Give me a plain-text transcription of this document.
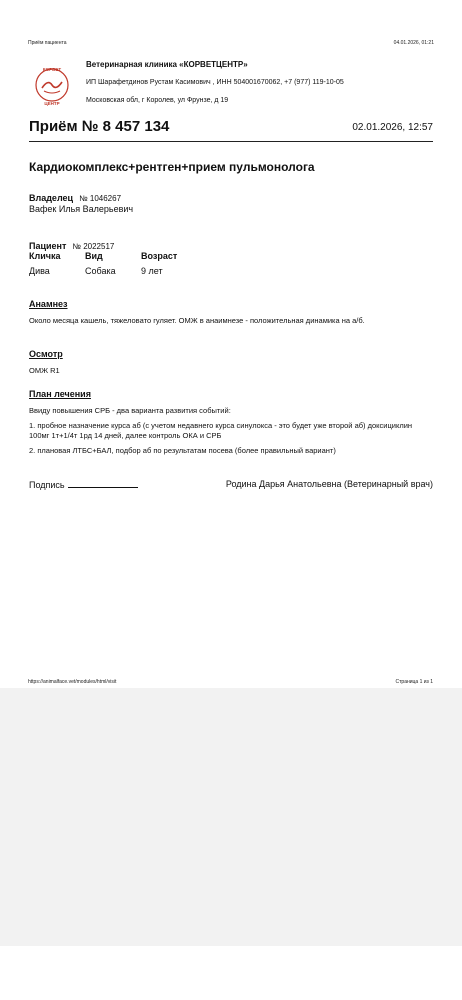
Приём пациента	04.01.2026, 01:21
КОРВЕТ
ЦЕНТР
Ветеринарная клиника «КОРВЕТЦЕНТР»
ИП Шарафетдинов Рустам Касимович , ИНН 504001670062, +7 (977) 119-10-05
Московская обл, г Королев, ул Фрунзе, д 19
Приём № 8 457 134	02.01.2026, 12:57
Кардиокомплекс+рентген+прием пульмонолога
Владелец № 1046267
Вафек Илья Валерьевич
Пациент № 2022517
Кличка	Вид	Возраст
Дива	Собака	9 лет
Анамнез
Около месяца кашель, тяжеловато гуляет. ОМЖ в анаимнезе - положительная динамика на а/б.
Осмотр
ОМЖ R1
План лечения
Ввиду повышения СРБ - два варианта развития событий:
1. пробное назначение курса аб (с учетом недавнего курса синулокса - это будет уже второй аб) доксициклин 100мг 1т+1/4т 1рд 14 дней, далее контроль ОКА и СРБ
2. плановая ЛТБС+БАЛ, подбор аб по результатам посева (более правильный вариант)
Подпись	Родина Дарья Анатольевна (Ветеринарный врач)
https://animalface.vet/modules/html/visit	Страница 1 из 1
